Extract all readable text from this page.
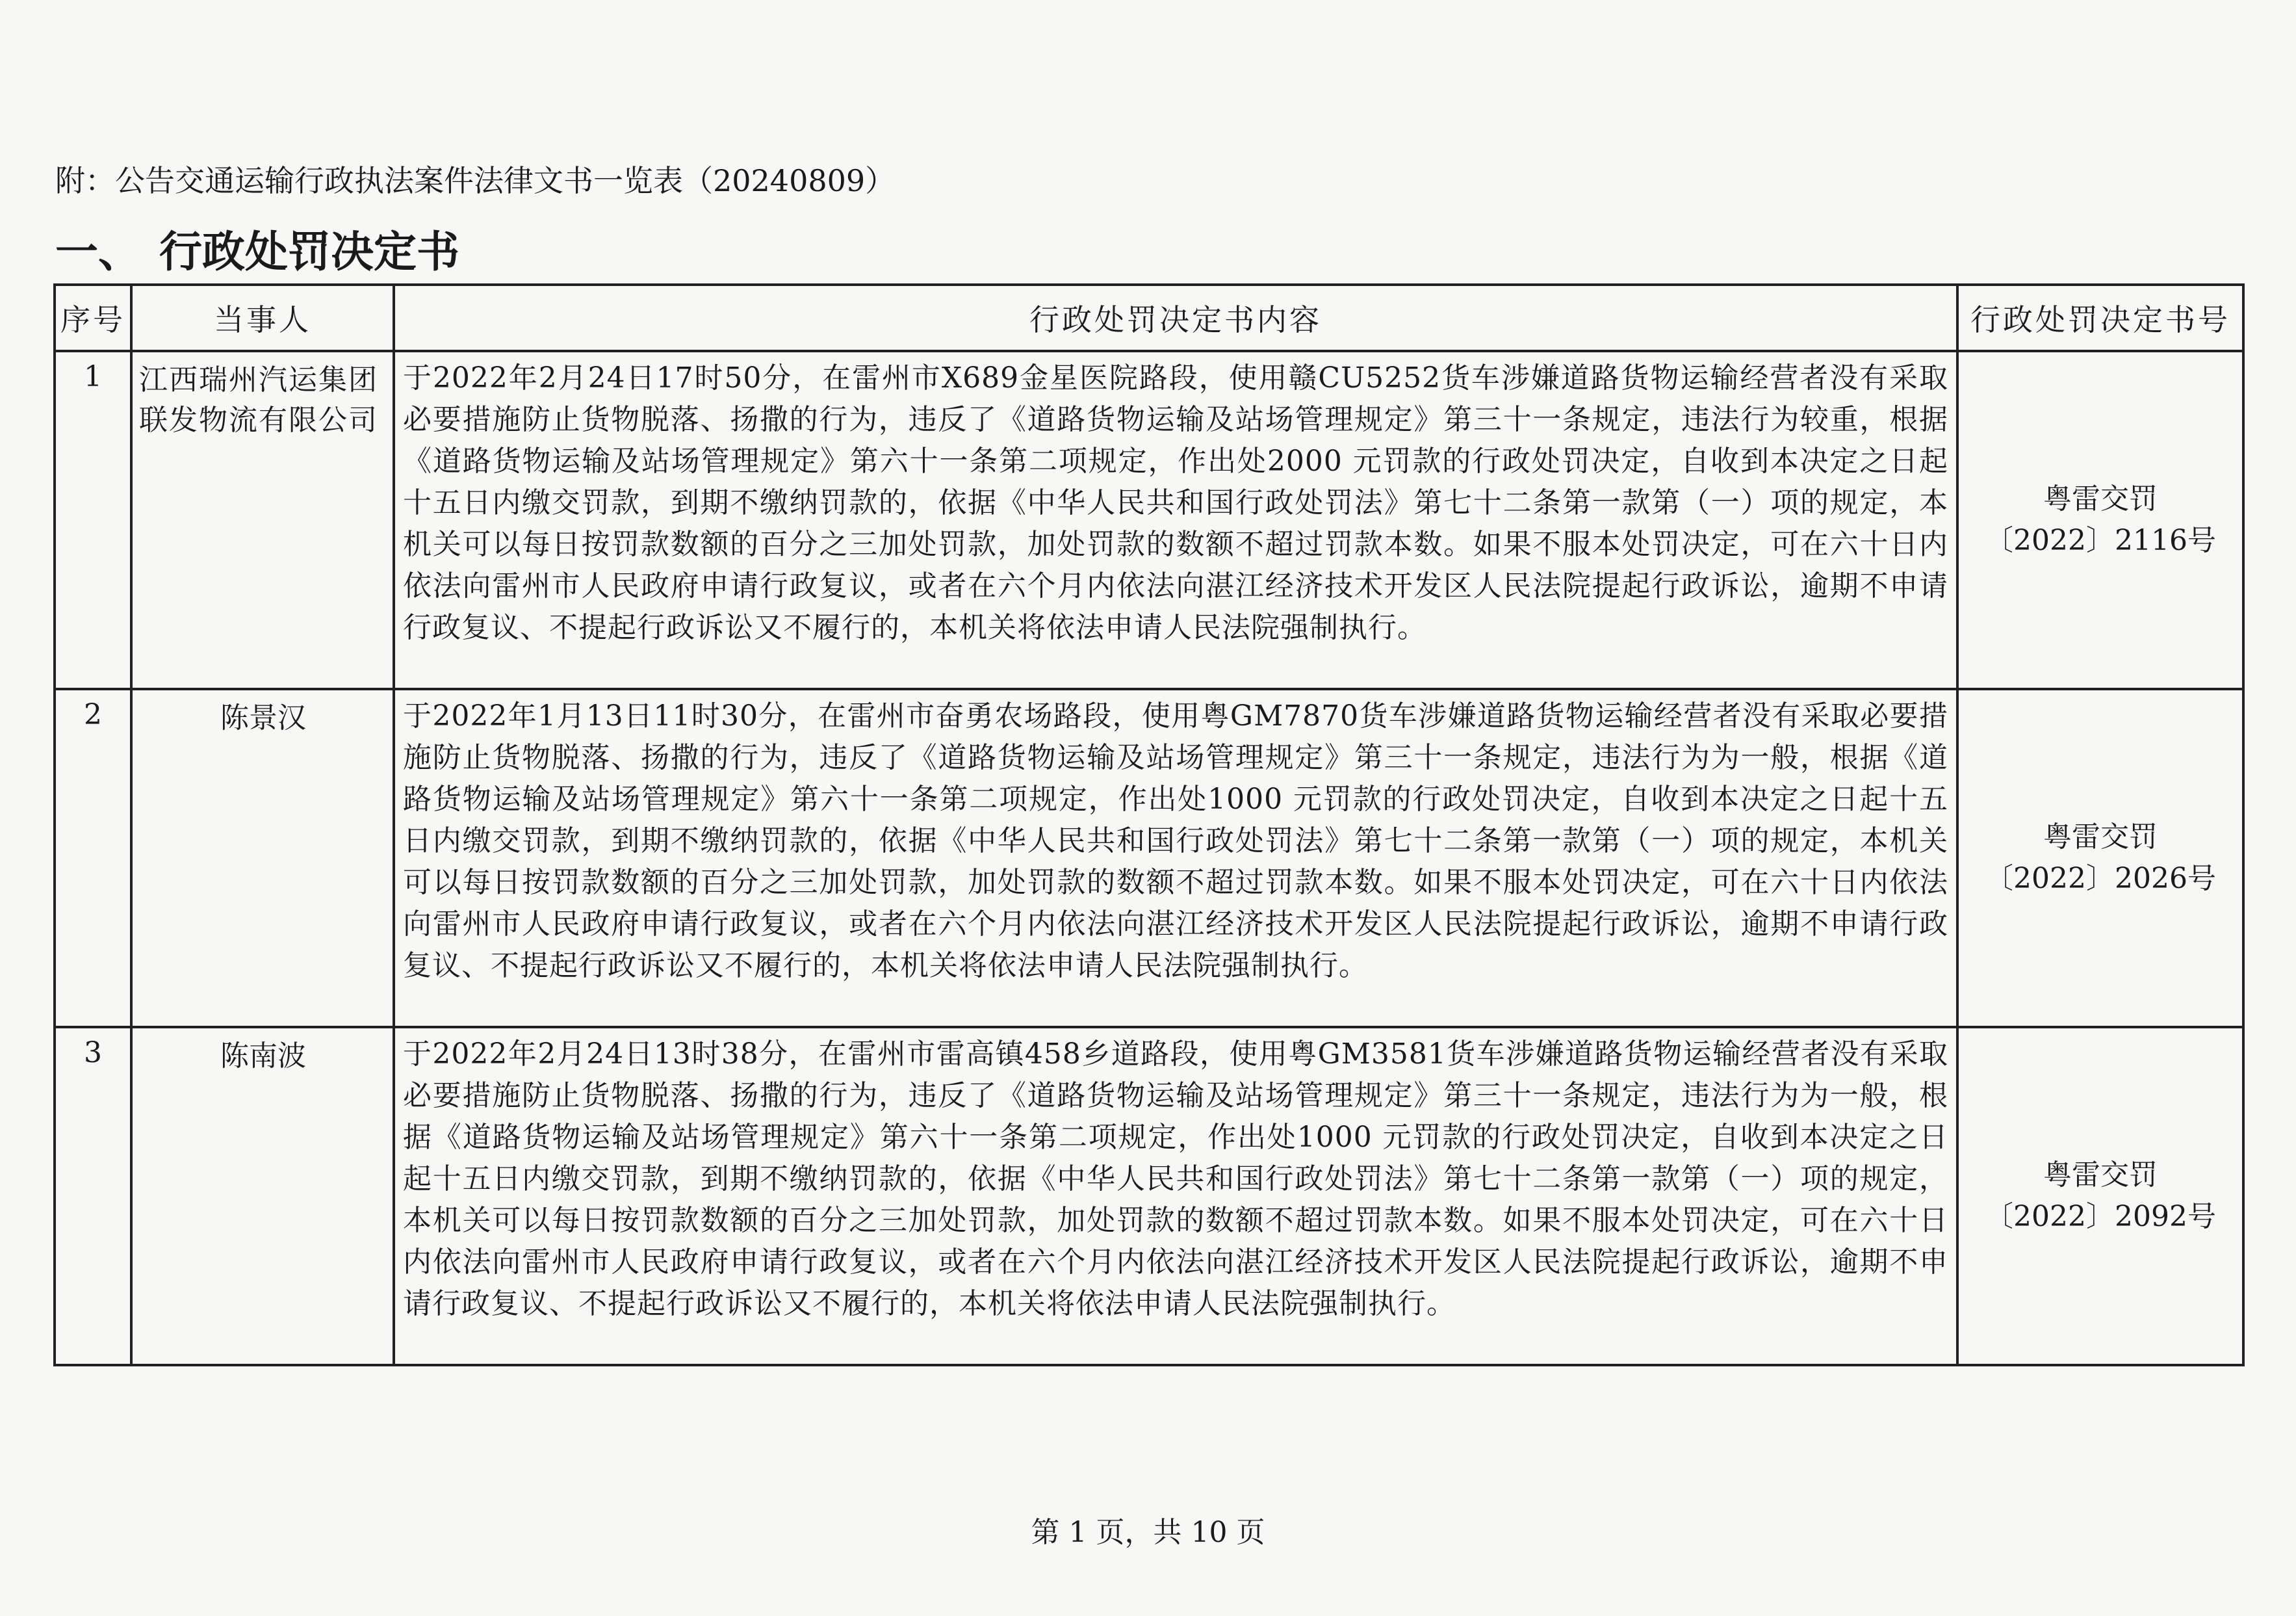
附：公告交通运输行政执法案件法律文书一览表（20240809）
一、 行政处罚决定书
序号	当事人	行政处罚决定书内容	行政处罚决定书号
1	江西瑞州汽运集团联发物流有限公司	于2022年2月24日17时50分，在雷州市X689金星医院路段，使用赣CU5252货车涉嫌道路货物运输经营者没有采取必要措施防止货物脱落、扬撒的行为，违反了《道路货物运输及站场管理规定》第三十一条规定，违法行为较重，根据《道路货物运输及站场管理规定》第六十一条第二项规定，作出处2000 元罚款的行政处罚决定，自收到本决定之日起十五日内缴交罚款，到期不缴纳罚款的，依据《中华人民共和国行政处罚法》第七十二条第一款第（一）项的规定，本机关可以每日按罚款数额的百分之三加处罚款，加处罚款的数额不超过罚款本数。如果不服本处罚决定，可在六十日内依法向雷州市人民政府申请行政复议，或者在六个月内依法向湛江经济技术开发区人民法院提起行政诉讼，逾期不申请行政复议、不提起行政诉讼又不履行的，本机关将依法申请人民法院强制执行。	粤雷交罚
〔2022〕2116号

2	陈景汉	于2022年1月13日11时30分，在雷州市奋勇农场路段，使用粤GM7870货车涉嫌道路货物运输经营者没有采取必要措施防止货物脱落、扬撒的行为，违反了《道路货物运输及站场管理规定》第三十一条规定，违法行为为一般，根据《道路货物运输及站场管理规定》第六十一条第二项规定，作出处1000 元罚款的行政处罚决定，自收到本决定之日起十五日内缴交罚款，到期不缴纳罚款的，依据《中华人民共和国行政处罚法》第七十二条第一款第（一）项的规定，本机关可以每日按罚款数额的百分之三加处罚款，加处罚款的数额不超过罚款本数。如果不服本处罚决定，可在六十日内依法向雷州市人民政府申请行政复议，或者在六个月内依法向湛江经济技术开发区人民法院提起行政诉讼，逾期不申请行政复议、不提起行政诉讼又不履行的，本机关将依法申请人民法院强制执行。	粤雷交罚
〔2022〕2026号

3	陈南波	于2022年2月24日13时38分，在雷州市雷高镇458乡道路段，使用粤GM3581货车涉嫌道路货物运输经营者没有采取必要措施防止货物脱落、扬撒的行为，违反了《道路货物运输及站场管理规定》第三十一条规定，违法行为为一般，根据《道路货物运输及站场管理规定》第六十一条第二项规定，作出处1000 元罚款的行政处罚决定，自收到本决定之日起十五日内缴交罚款，到期不缴纳罚款的，依据《中华人民共和国行政处罚法》第七十二条第一款第（一）项的规定，本机关可以每日按罚款数额的百分之三加处罚款，加处罚款的数额不超过罚款本数。如果不服本处罚决定，可在六十日内依法向雷州市人民政府申请行政复议，或者在六个月内依法向湛江经济技术开发区人民法院提起行政诉讼，逾期不申请行政复议、不提起行政诉讼又不履行的，本机关将依法申请人民法院强制执行。	粤雷交罚
〔2022〕2092号
第 1 页，共 10 页
